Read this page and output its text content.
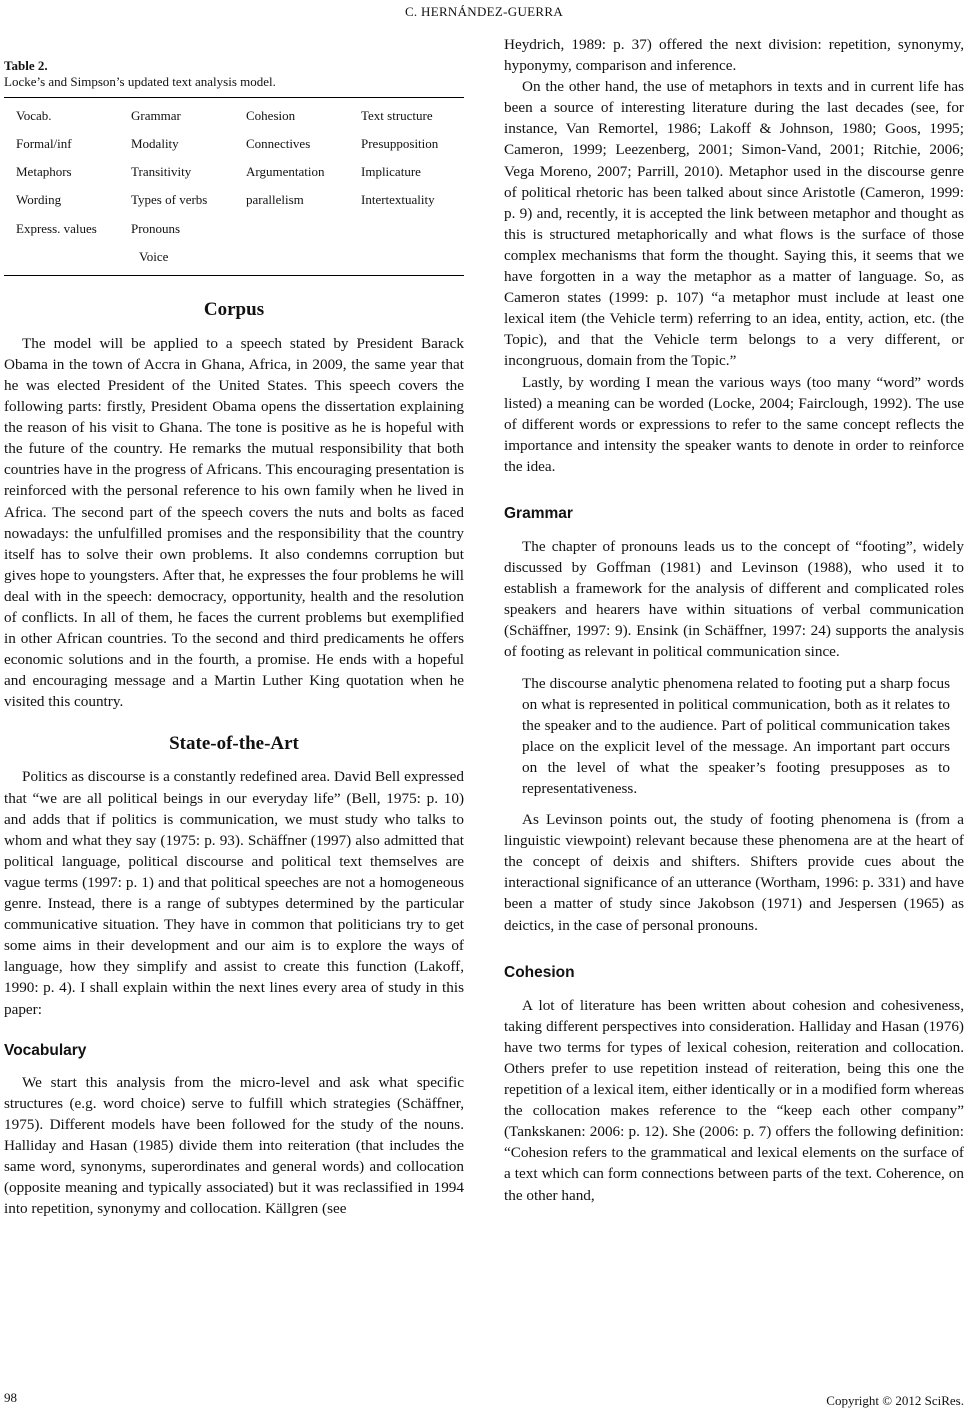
C. HERNÁNDEZ-GUERRA
Table 2.
Locke’s and Simpson’s updated text analysis model.
Vocab.	Grammar	Cohesion	Text structure
Formal/inf	Modality	Connectives	Presupposition
Metaphors	Transitivity	Argumentation	Implicature
Wording	Types of verbs	parallelism	Intertextuality
Express. values	Pronouns		
	Voice		
Corpus

The model will be applied to a speech stated by President Barack Obama in the town of Accra in Ghana, Africa, in 2009, the same year that he was elected President of the United States. This speech covers the following parts: firstly, President Obama opens the dissertation explaining the reason of his visit to Ghana. The tone is positive as he is hopeful with the future of the country. He remarks the mutual responsibility that both countries have in the progress of Africans. This encouraging presentation is reinforced with the personal reference to his own family when he lived in Africa. The second part of the speech covers the nuts and bolts as faced nowadays: the unfulfilled promises and the responsibility that the country itself has to solve their own problems. It also condemns corruption but gives hope to youngsters. After that, he expresses the four problems he will deal with in the speech: democracy, opportunity, health and the resolution of conflicts. In all of them, he faces the current problems but exemplified in other African countries. To the second and third predicaments he offers economic solutions and in the fourth, a promise. He ends with a hopeful and encouraging message and a Martin Luther King quotation when he visited this country.

State-of-the-Art

Politics as discourse is a constantly redefined area. David Bell expressed that “we are all political beings in our everyday life” (Bell, 1975: p. 10) and adds that if politics is communication, we must study who talks to whom and what they say (1975: p. 93). Schäffner (1997) also admitted that political language, political discourse and political text themselves are vague terms (1997: p. 1) and that political speeches are not a homogeneous genre. Instead, there is a range of subtypes determined by the particular communicative situation. They have in common that politicians try to get some aims in their development and our aim is to explore the ways of language, how they simplify and assist to create this function (Lakoff, 1990: p. 4). I shall explain within the next lines every area of study in this paper:

Vocabulary

We start this analysis from the micro-level and ask what specific structures (e.g. word choice) serve to fulfill which strategies (Schäffner, 1975). Different models have been followed for the study of the nouns. Halliday and Hasan (1985) divide them into reiteration (that includes the same word, synonyms, superordinates and general words) and collocation (opposite meaning and typically associated) but it was reclassified in 1994 into repetition, synonymy and collocation. Källgren (see

Heydrich, 1989: p. 37) offered the next division: repetition, synonymy, hyponymy, comparison and inference.

On the other hand, the use of metaphors in texts and in current life has been a source of interesting literature during the last decades (see, for instance, Van Remortel, 1986; Lakoff & Johnson, 1980; Goos, 1995; Cameron, 1999; Leezenberg, 2001; Simon-Vand, 2001; Ritchie, 2006; Vega Moreno, 2007; Parrill, 2010). Metaphor used in the discourse genre of political rhetoric has been talked about since Aristotle (Cameron, 1999: p. 9) and, recently, it is accepted the link between metaphor and thought as this is structured metaphorically and what flows is the surface of those complex mechanisms that form the thought. Saying this, it seems that we have forgotten in a way the metaphor as a matter of language. So, as Cameron states (1999: p. 107) “a metaphor must include at least one lexical item (the Vehicle term) referring to an idea, entity, action, etc. (the Topic), and that the Vehicle term belongs to a very different, or incongruous, domain from the Topic.”

Lastly, by wording I mean the various ways (too many “word” words listed) a meaning can be worded (Locke, 2004; Fairclough, 1992). The use of different words or expressions to refer to the same concept reflects the importance and intensity the speaker wants to denote in order to reinforce the idea.

Grammar

The chapter of pronouns leads us to the concept of “footing”, widely discussed by Goffman (1981) and Levinson (1988), who used it to establish a framework for the analysis of different and complicated roles speakers and hearers have within situations of verbal communication (Schäffner, 1997: 9). Ensink (in Schäffner, 1997: 24) supports the analysis of footing as relevant in political communication since.

The discourse analytic phenomena related to footing put a sharp focus on what is represented in political communication, both as it relates to the speaker and to the audience. Part of political communication takes place on the explicit level of the message. An important part occurs on the level of what the speaker’s footing presupposes as to representativeness.

As Levinson points out, the study of footing phenomena is (from a linguistic viewpoint) relevant because these phenomena are at the heart of the concept of deixis and shifters. Shifters provide cues about the interactional significance of an utterance (Wortham, 1996: p. 331) and have been a matter of study since Jakobson (1971) and Jespersen (1965) as deictics, in the case of personal pronouns.

Cohesion

A lot of literature has been written about cohesion and cohesiveness, taking different perspectives into consideration. Halliday and Hasan (1976) have two terms for types of lexical cohesion, reiteration and collocation. Others prefer to use repetition instead of reiteration, being this one the repetition of a lexical item, either identically or in a modified form whereas the collocation makes reference to the “keep each other company” (Tankskanen: 2006: p. 12). She (2006: p. 7) offers the following definition: “Cohesion refers to the grammatical and lexical elements on the surface of a text which can form connections between parts of the text. Coherence, on the other hand,

98	Copyright © 2012 SciRes.
